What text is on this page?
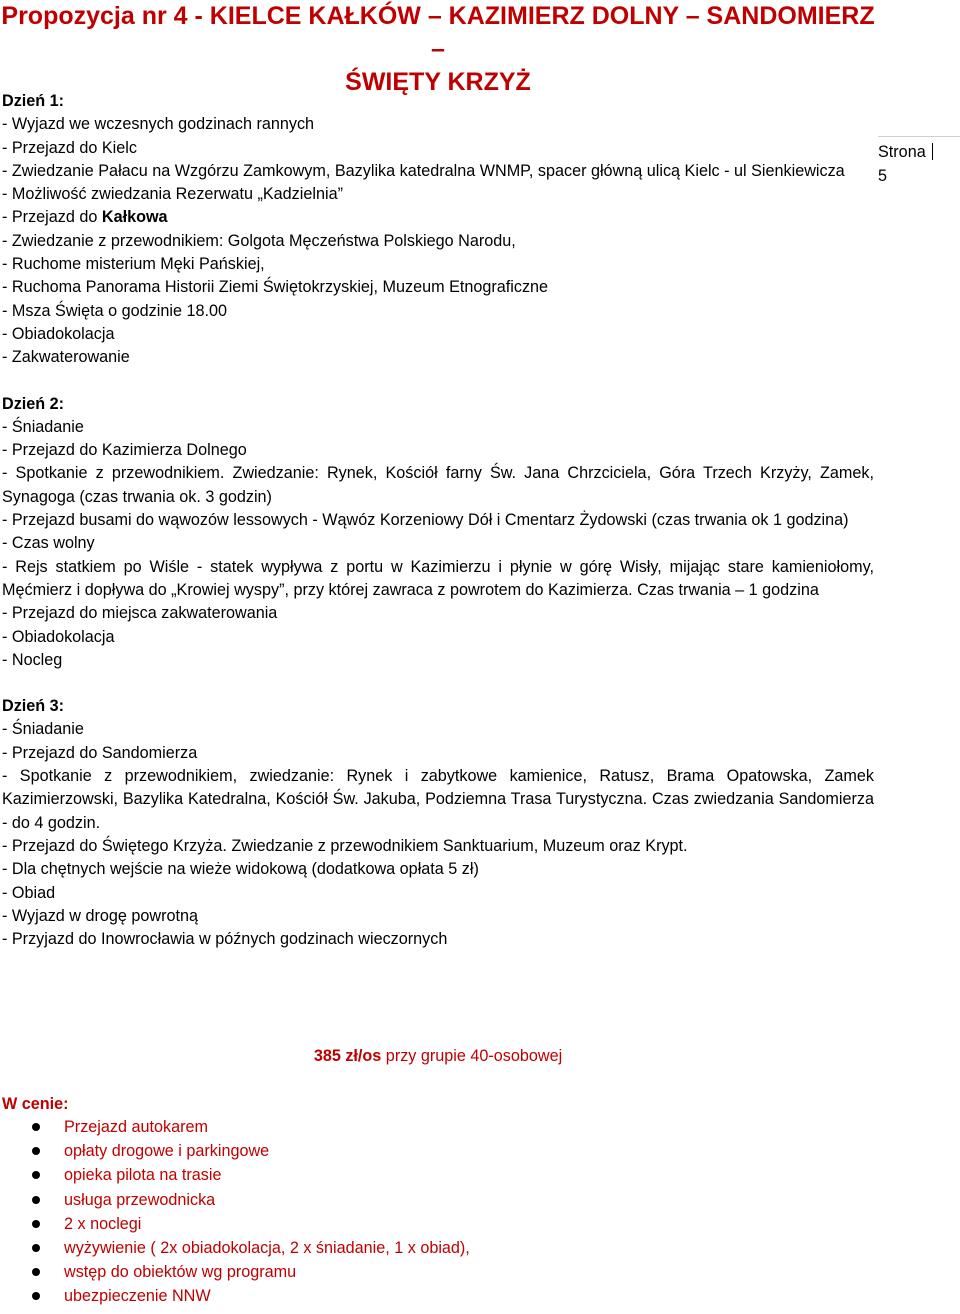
Propozycja nr 4 - KIELCE KAŁKÓW – KAZIMIERZ DOLNY – SANDOMIERZ –
ŚWIĘTY KRZYŻ
Strona
5

Dzień 1:

- Wyjazd we wczesnych godzinach rannych

- Przejazd do Kielc

- Zwiedzanie Pałacu na Wzgórzu Zamkowym, Bazylika katedralna WNMP, spacer główną ulicą Kielc - ul Sienkiewicza

- Możliwość zwiedzania Rezerwatu „Kadzielnia”

- Przejazd do Kałkowa

- Zwiedzanie z przewodnikiem: Golgota Męczeństwa Polskiego Narodu,

- Ruchome misterium Męki Pańskiej,

- Ruchoma Panorama Historii Ziemi Świętokrzyskiej, Muzeum Etnograficzne

- Msza Święta o godzinie 18.00

- Obiadokolacja

- Zakwaterowanie

Dzień 2:

- Śniadanie

- Przejazd do Kazimierza Dolnego

- Spotkanie z przewodnikiem. Zwiedzanie: Rynek, Kościół farny Św. Jana Chrzciciela, Góra Trzech Krzyży, Zamek, Synagoga (czas trwania ok. 3 godzin)

- Przejazd busami do wąwozów lessowych - Wąwóz Korzeniowy Dół i Cmentarz Żydowski (czas trwania ok 1 godzina)

- Czas wolny

- Rejs statkiem po Wiśle - statek wypływa z portu w Kazimierzu i płynie w górę Wisły, mijając stare kamieniołomy, Męćmierz i dopływa do „Krowiej wyspy”, przy której zawraca z powrotem do Kazimierza. Czas trwania – 1 godzina

- Przejazd do miejsca zakwaterowania

- Obiadokolacja

- Nocleg

Dzień 3:

- Śniadanie

- Przejazd do Sandomierza

- Spotkanie z przewodnikiem, zwiedzanie: Rynek i zabytkowe kamienice, Ratusz, Brama Opatowska, Zamek Kazimierzowski, Bazylika Katedralna, Kościół Św. Jakuba, Podziemna Trasa Turystyczna. Czas zwiedzania Sandomierza - do 4 godzin.

- Przejazd do Świętego Krzyża. Zwiedzanie z przewodnikiem Sanktuarium, Muzeum oraz Krypt.

- Dla chętnych wejście na wieże widokową (dodatkowa opłata 5 zł)

- Obiad

- Wyjazd w drogę powrotną

- Przyjazd do Inowrocławia w późnych godzinach wieczornych

385 zł/os przy grupie 40-osobowej
W cenie:
Przejazd autokarem
opłaty drogowe i parkingowe
opieka pilota na trasie
usługa przewodnicka
2 x noclegi
wyżywienie ( 2x obiadokolacja, 2 x śniadanie, 1 x obiad),
wstęp do obiektów wg programu
ubezpieczenie NNW
